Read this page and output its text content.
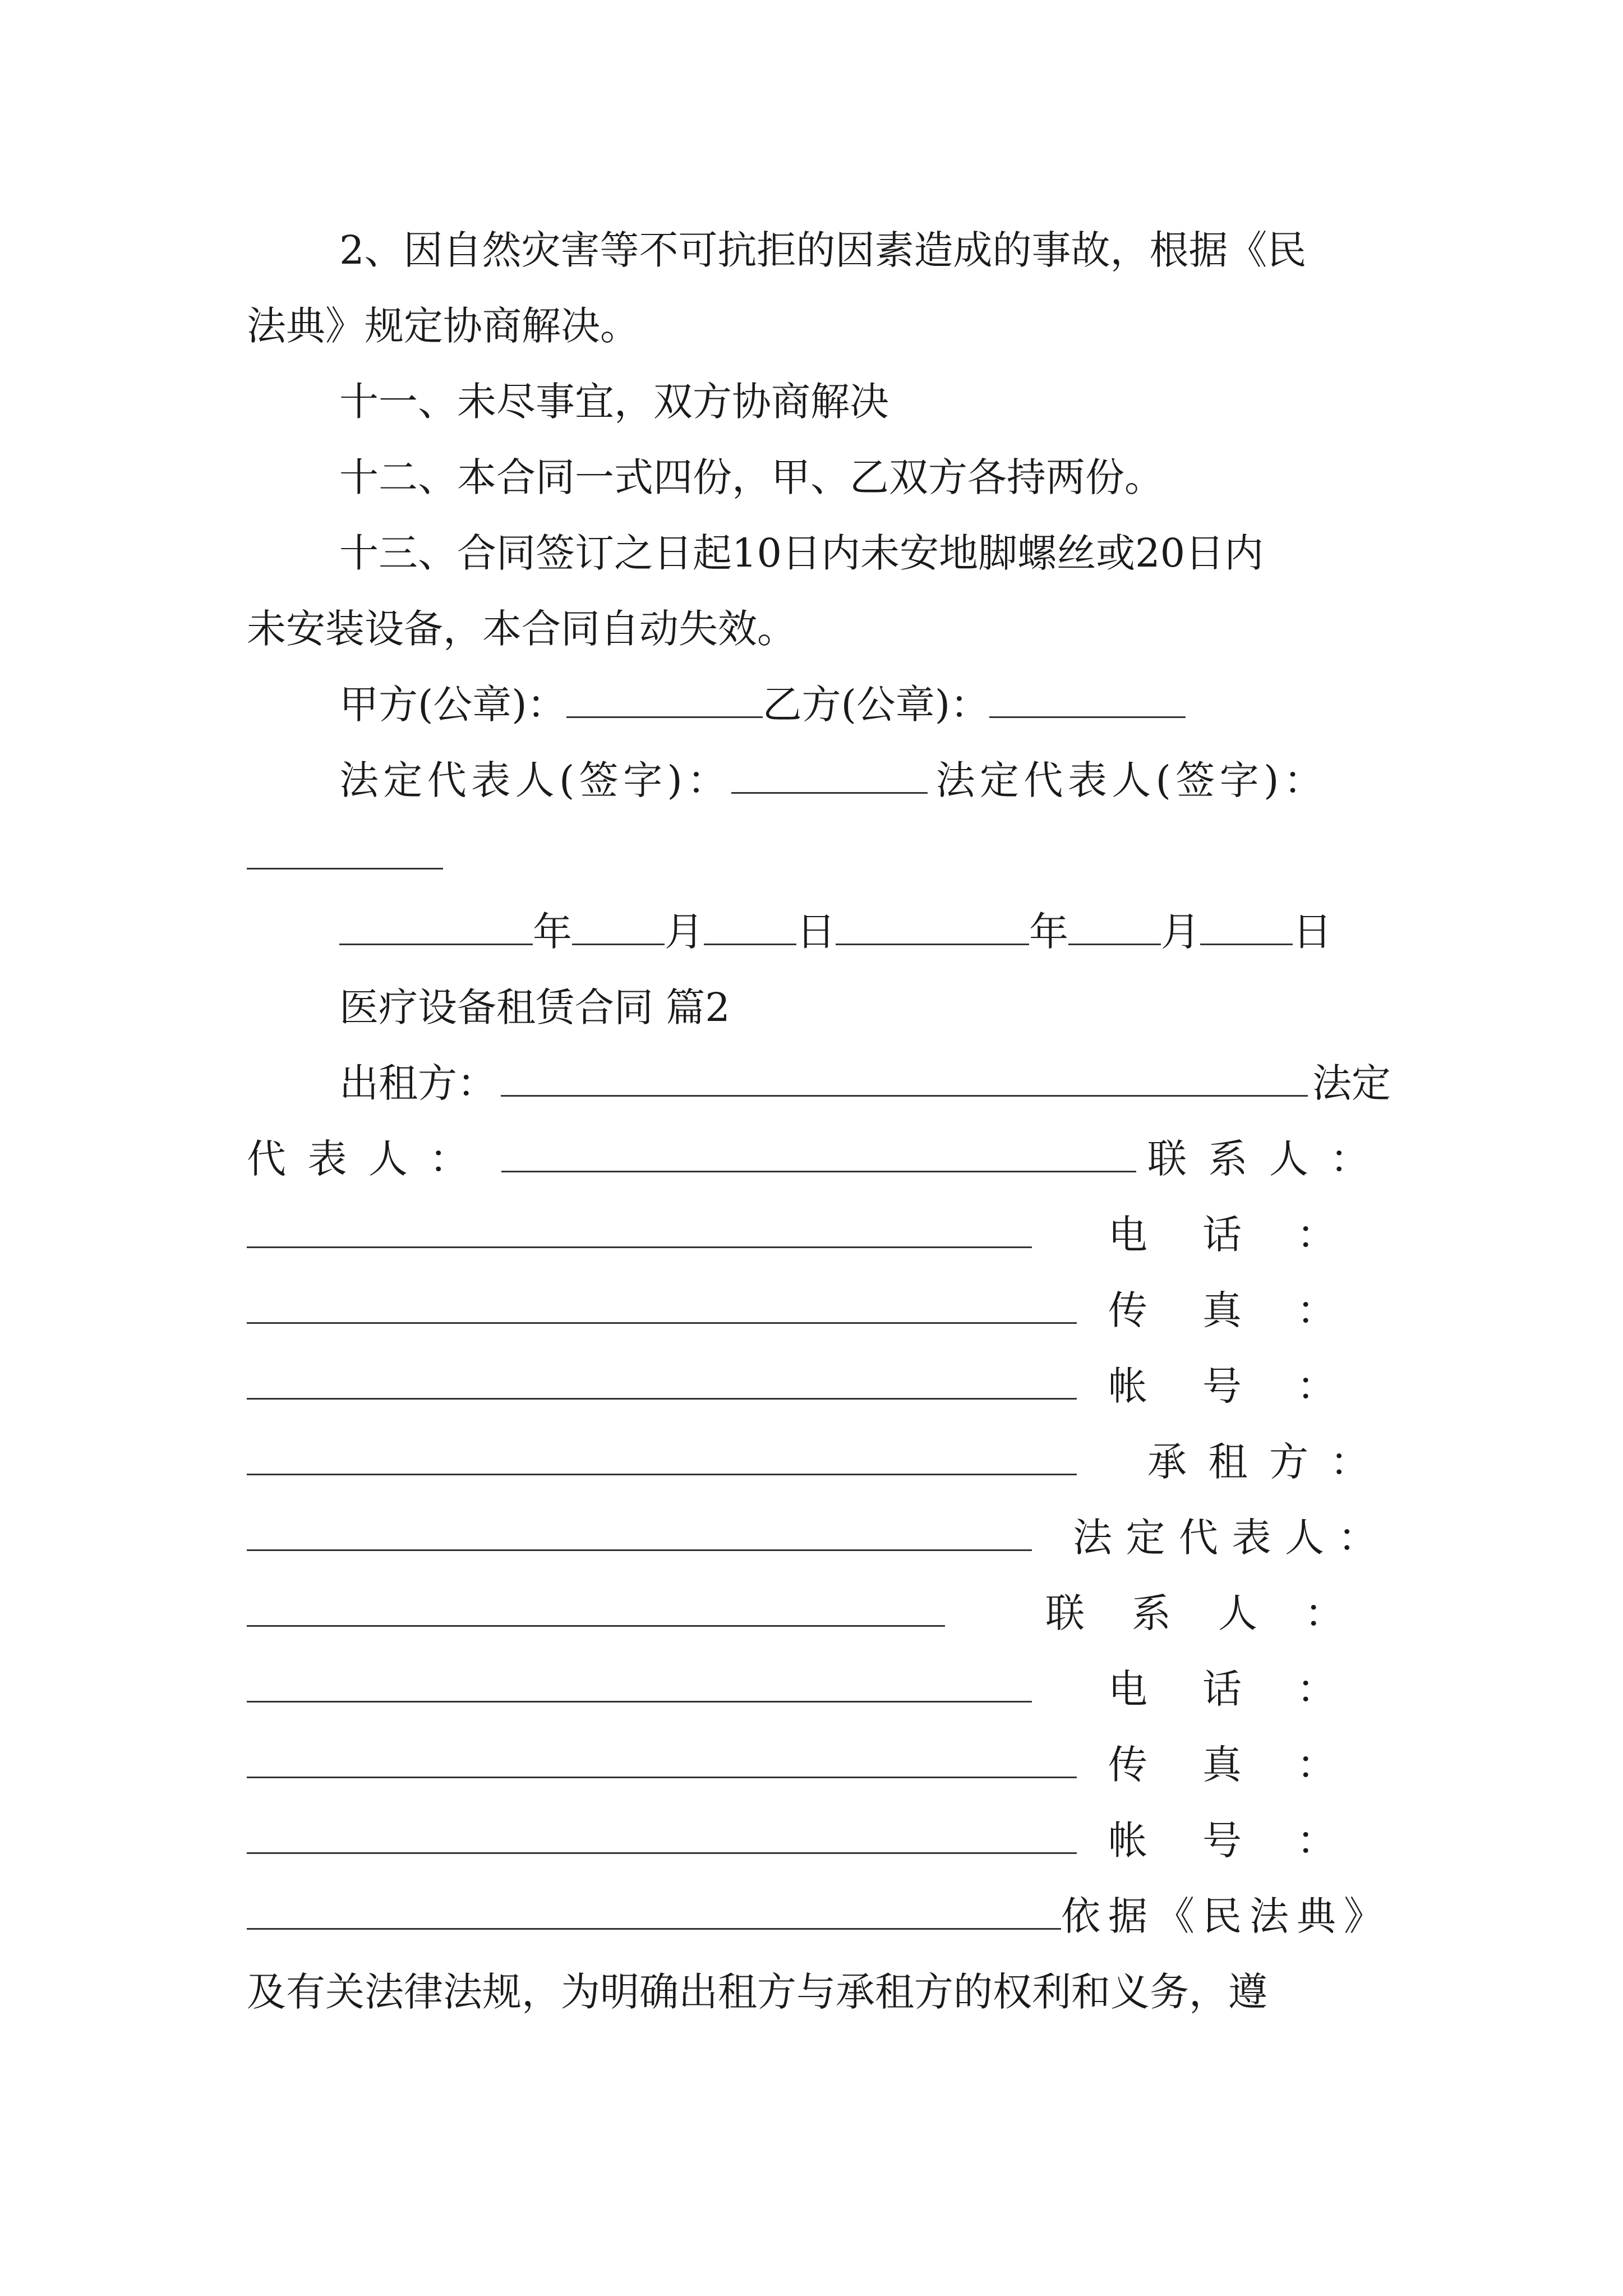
2、因自然灾害等不可抗拒的因素造成的事故，根据《民
法典》规定协商解决。
十一、未尽事宜，双方协商解决
十二、本合同一式四份，甲、乙双方各持两份。
十三、合同签订之日起10日内未安地脚螺丝或20日内
未安装设备，本合同自动失效。
甲方(公章)：	乙方(公章)：
法定代表人(签字)：	法定代表人(签字)：
年 月 日	年 月 日
医疗设备租赁合同 篇2
出租方：	法定
代表人：	联系人：
电话：
传真：
帐号：
承租方：
法定代表人：
联系人：
电话：
传真：
帐号：
依据《民法典》
及有关法律法规，为明确出租方与承租方的权利和义务，遵
